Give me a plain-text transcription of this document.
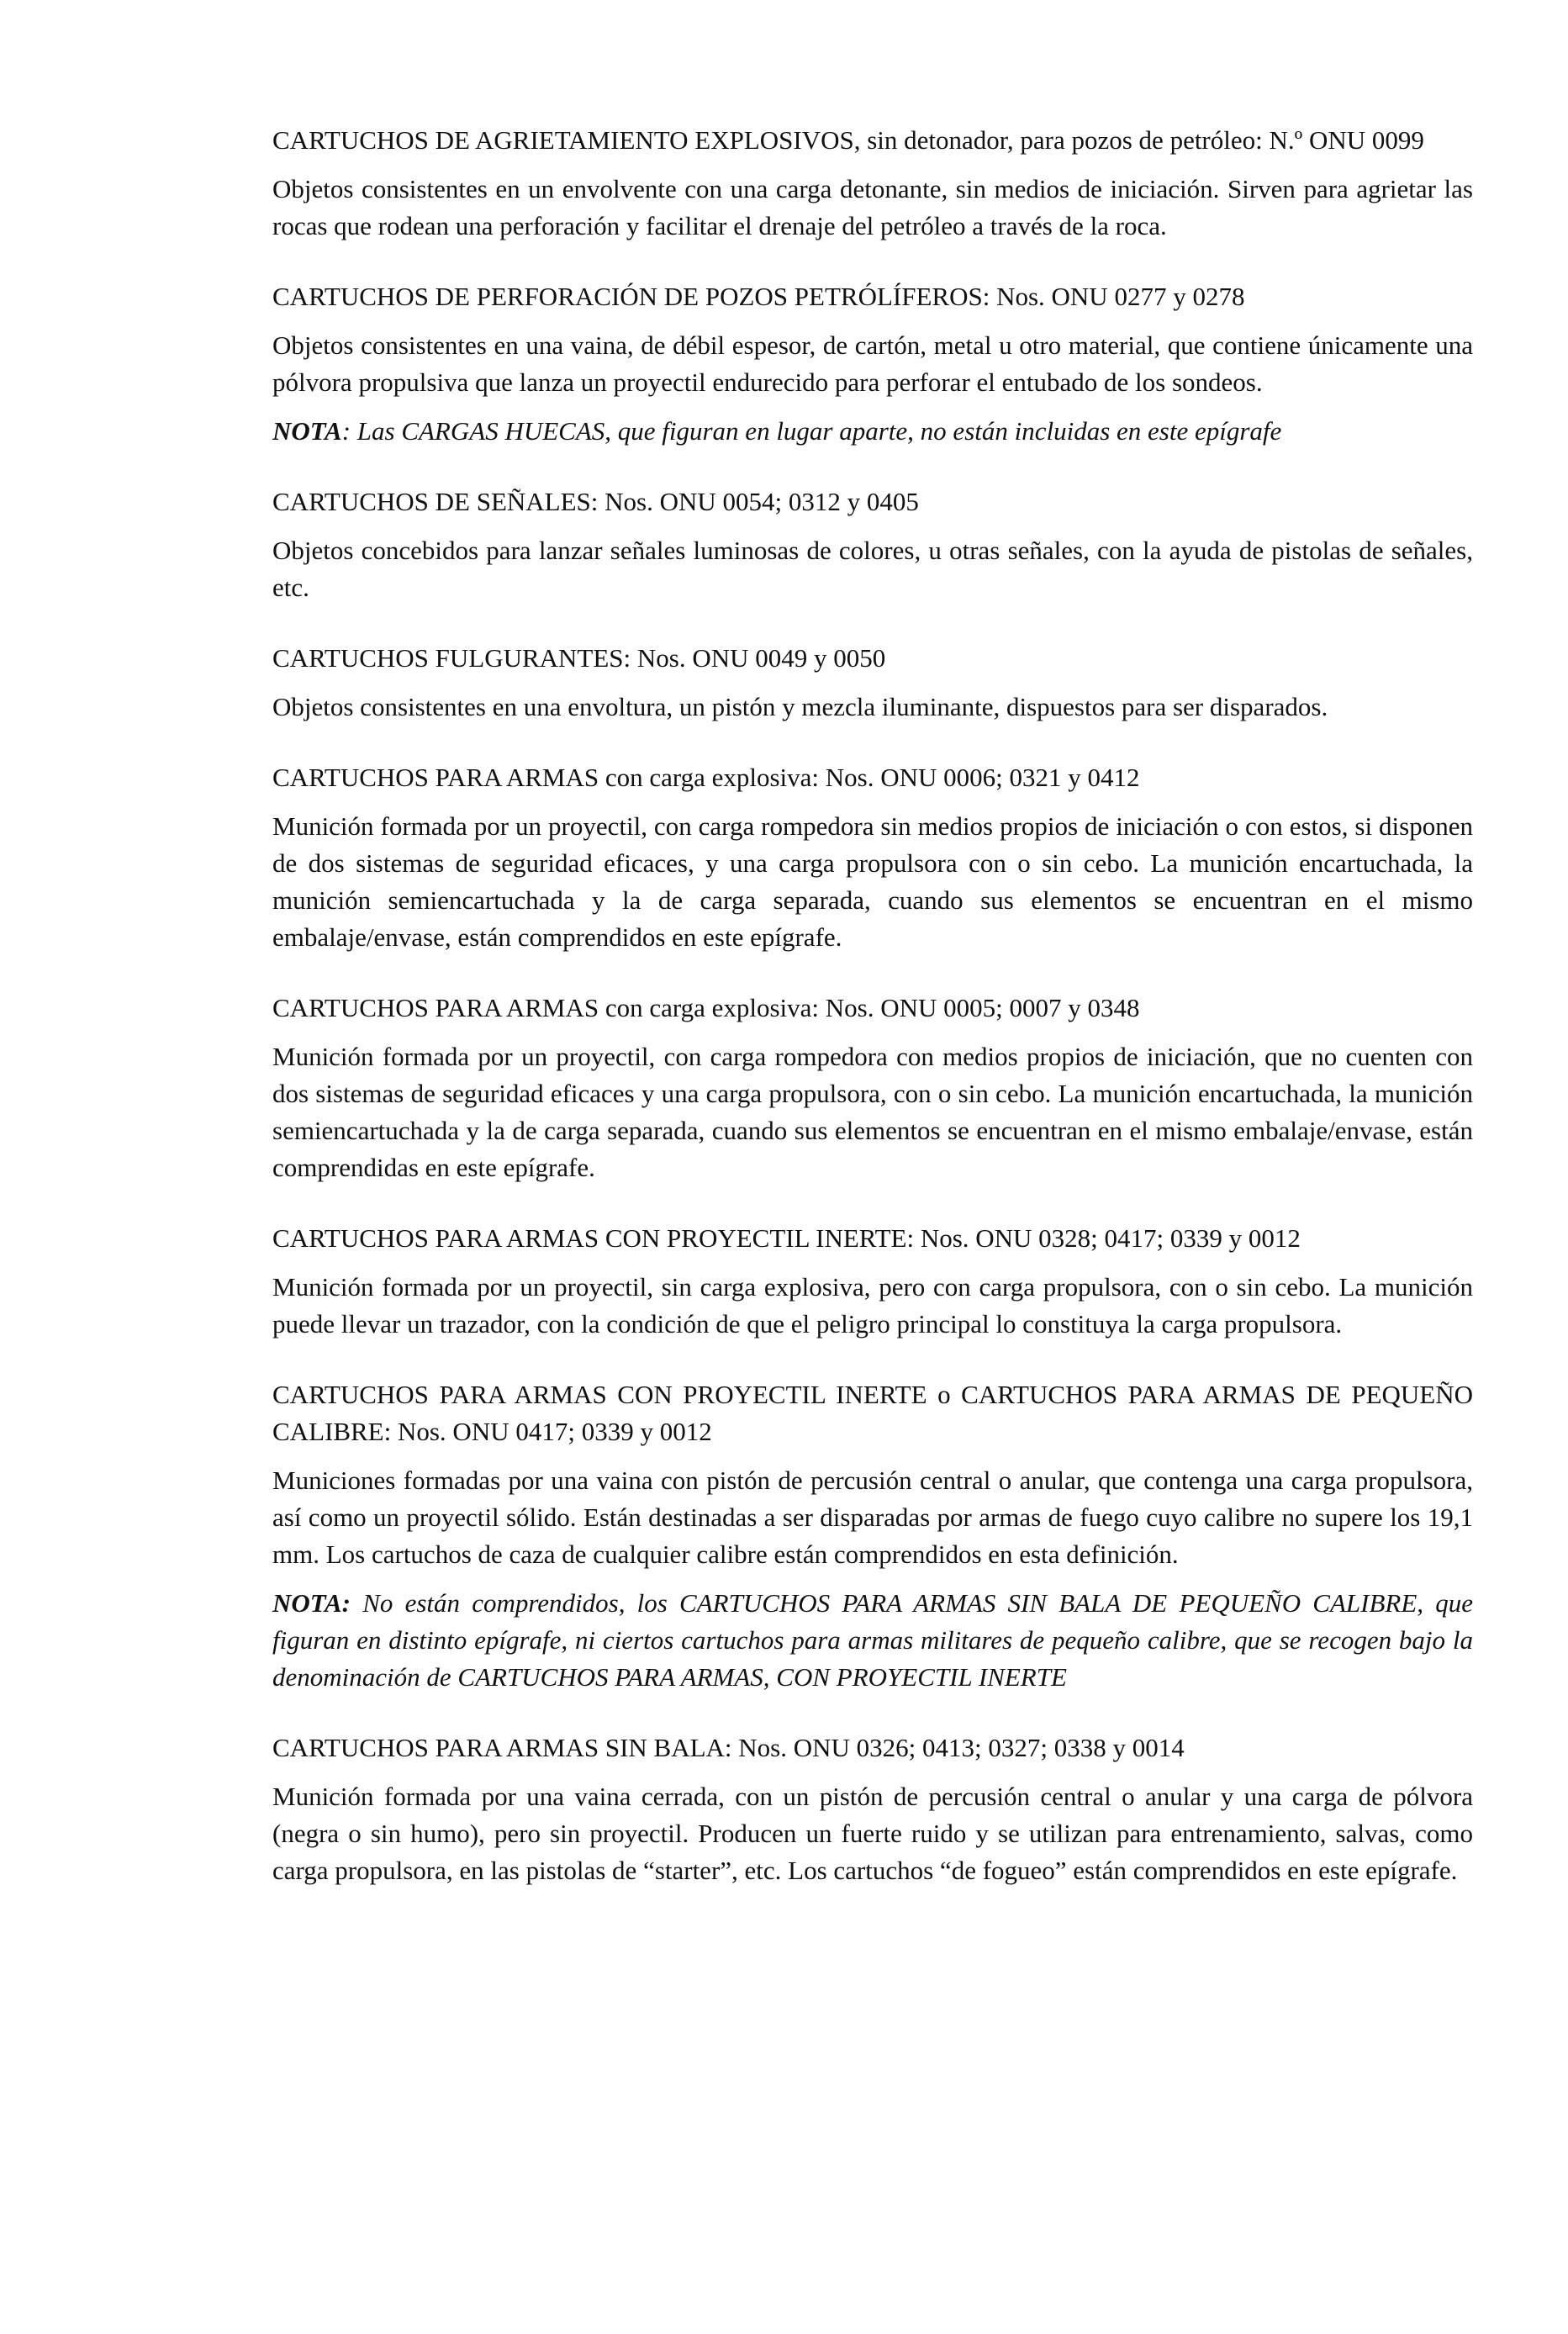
CARTUCHOS DE AGRIETAMIENTO EXPLOSIVOS, sin detonador, para pozos de petróleo: N.º ONU 0099

Objetos consistentes en un envolvente con una carga detonante, sin medios de iniciación. Sirven para agrietar las rocas que rodean una perforación y facilitar el drenaje del petróleo a través de la roca.

CARTUCHOS DE PERFORACIÓN DE POZOS PETRÓLÍFEROS: Nos. ONU 0277 y 0278

Objetos consistentes en una vaina, de débil espesor, de cartón, metal u otro material, que contiene únicamente una pólvora propulsiva que lanza un proyectil endurecido para perforar el entubado de los sondeos.

NOTA: Las CARGAS HUECAS, que figuran en lugar aparte, no están incluidas en este epígrafe

CARTUCHOS DE SEÑALES: Nos. ONU 0054; 0312 y 0405

Objetos concebidos para lanzar señales luminosas de colores, u otras señales, con la ayuda de pistolas de señales, etc.

CARTUCHOS FULGURANTES: Nos. ONU 0049 y 0050

Objetos consistentes en una envoltura, un pistón y mezcla iluminante, dispuestos para ser disparados.

CARTUCHOS PARA ARMAS con carga explosiva: Nos. ONU 0006; 0321 y 0412

Munición formada por un proyectil, con carga rompedora sin medios propios de iniciación o con estos, si disponen de dos sistemas de seguridad eficaces, y una carga propulsora con o sin cebo. La munición encartuchada, la munición semiencartuchada y la de carga separada, cuando sus elementos se encuentran en el mismo embalaje/envase, están comprendidos en este epígrafe.

CARTUCHOS PARA ARMAS con carga explosiva: Nos. ONU 0005; 0007 y 0348

Munición formada por un proyectil, con carga rompedora con medios propios de iniciación, que no cuenten con dos sistemas de seguridad eficaces y una carga propulsora, con o sin cebo. La munición encartuchada, la munición semiencartuchada y la de carga separada, cuando sus elementos se encuentran en el mismo embalaje/envase, están comprendidas en este epígrafe.

CARTUCHOS PARA ARMAS CON PROYECTIL INERTE: Nos. ONU 0328; 0417; 0339 y 0012

Munición formada por un proyectil, sin carga explosiva, pero con carga propulsora, con o sin cebo. La munición puede llevar un trazador, con la condición de que el peligro principal lo constituya la carga propulsora.

CARTUCHOS PARA ARMAS CON PROYECTIL INERTE o CARTUCHOS PARA ARMAS DE PEQUEÑO CALIBRE: Nos. ONU 0417; 0339 y 0012

Municiones formadas por una vaina con pistón de percusión central o anular, que contenga una carga propulsora, así como un proyectil sólido. Están destinadas a ser disparadas por armas de fuego cuyo calibre no supere los 19,1 mm. Los cartuchos de caza de cualquier calibre están comprendidos en esta definición.

NOTA: No están comprendidos, los CARTUCHOS PARA ARMAS SIN BALA DE PEQUEÑO CALIBRE, que figuran en distinto epígrafe, ni ciertos cartuchos para armas militares de pequeño calibre, que se recogen bajo la denominación de CARTUCHOS PARA ARMAS, CON PROYECTIL INERTE

CARTUCHOS PARA ARMAS SIN BALA: Nos. ONU 0326; 0413; 0327; 0338 y 0014

Munición formada por una vaina cerrada, con un pistón de percusión central o anular y una carga de pólvora (negra o sin humo), pero sin proyectil. Producen un fuerte ruido y se utilizan para entrenamiento, salvas, como carga propulsora, en las pistolas de “starter”, etc. Los cartuchos “de fogueo” están comprendidos en este epígrafe.
